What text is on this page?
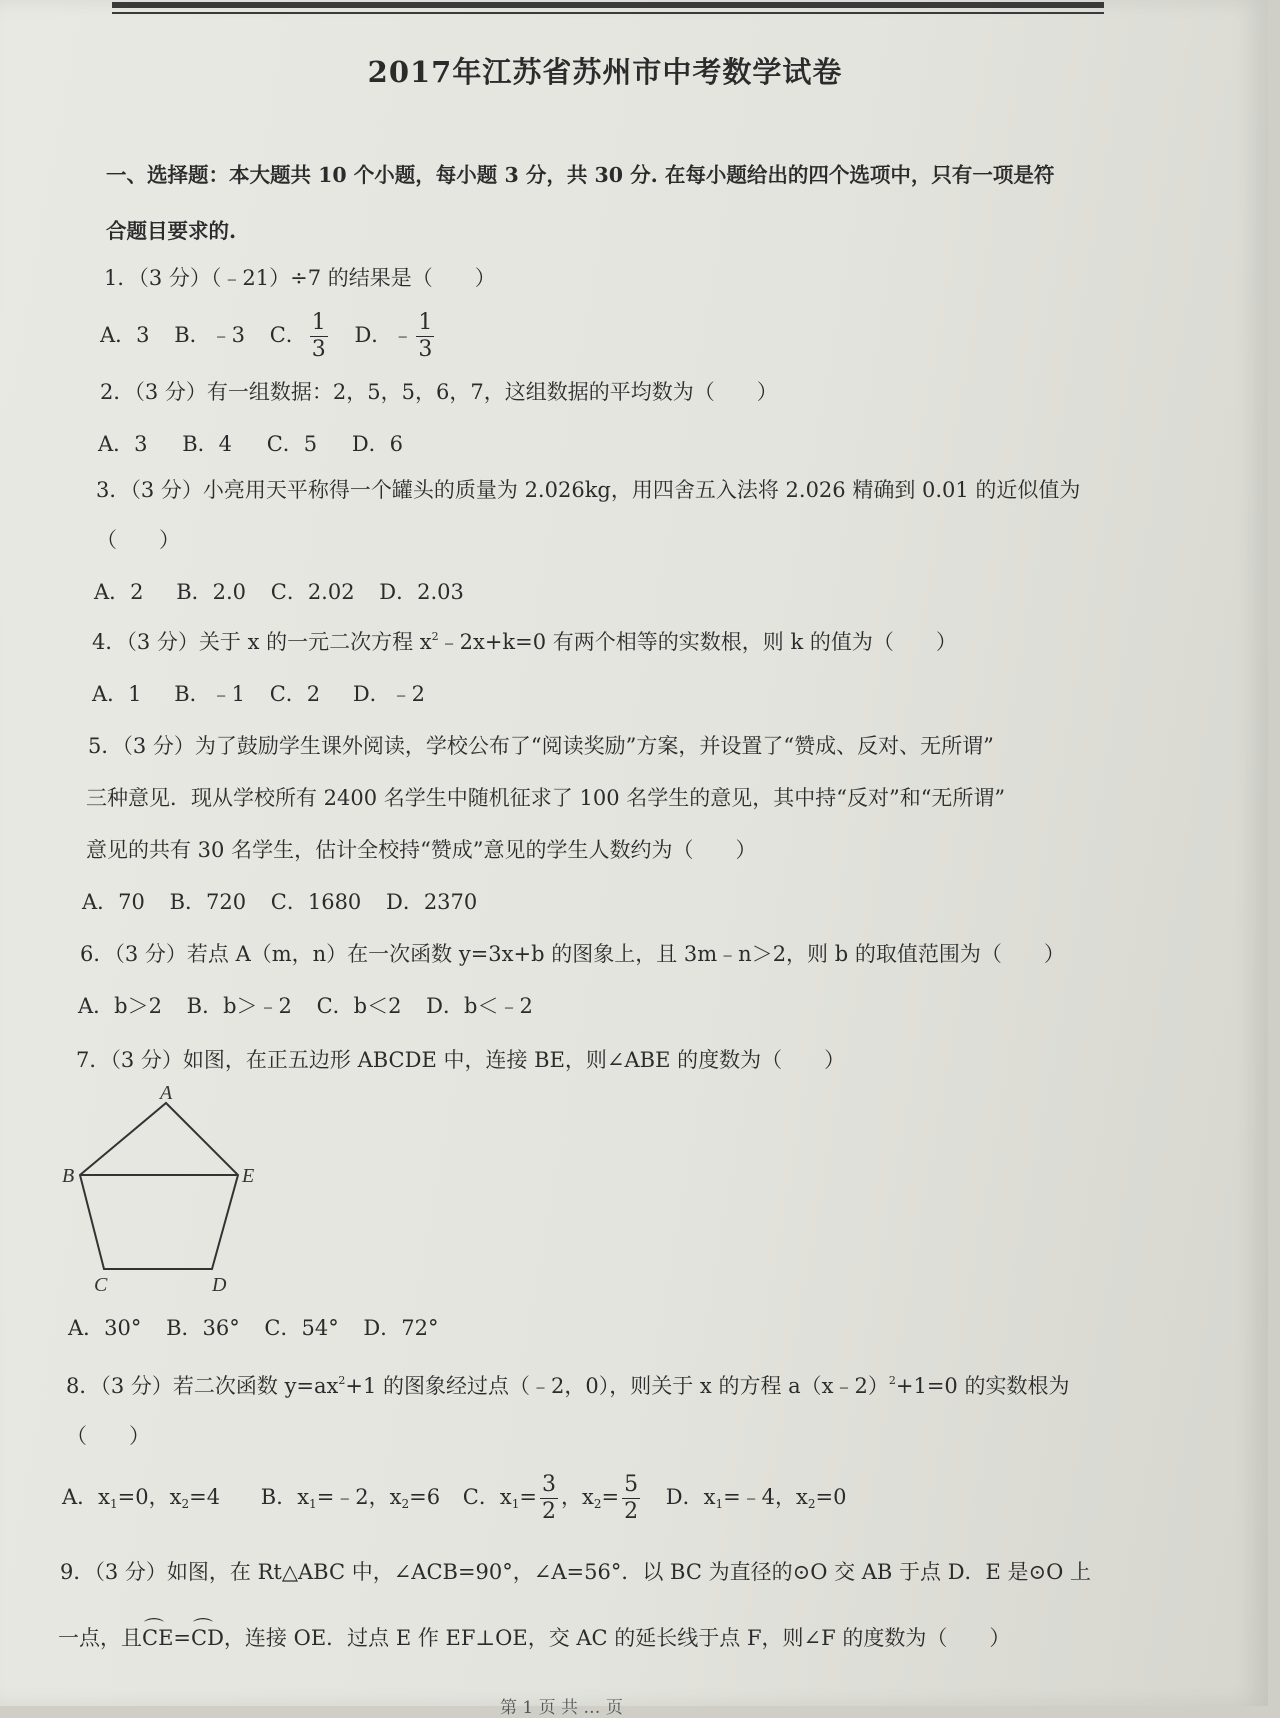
2017年江苏省苏州市中考数学试卷
一、选择题：本大题共 10 个小题，每小题 3 分，共 30 分. 在每小题给出的四个选项中，只有一项是符
合题目要求的.
1．（3 分）（﹣21）÷7 的结果是（　　）
A．3 B．﹣3 C． $\frac{1}{3}$ D．﹣ $\frac{1}{3}$
2．（3 分）有一组数据：2，5，5，6，7，这组数据的平均数为（　　）
A．3 B．4 C．5 D．6
3．（3 分）小亮用天平称得一个罐头的质量为 2.026kg，用四舍五入法将 2.026 精确到 0.01 的近似值为
（　　）
A．2 B．2.0 C．2.02 D．2.03
4．（3 分）关于 x 的一元二次方程 $x^2﹣2x+k=0$ 有两个相等的实数根，则 k 的值为（　　）
A．1 B．﹣1 C．2 D．﹣2
5．（3 分）为了鼓励学生课外阅读，学校公布了“阅读奖励”方案，并设置了“赞成、反对、无所谓”
三种意见．现从学校所有 2400 名学生中随机征求了 100 名学生的意见，其中持“反对”和“无所谓”
意见的共有 30 名学生，估计全校持“赞成”意见的学生人数约为（　　）
A．70 B．720 C．1680 D．2370
6．（3 分）若点 A（m，n）在一次函数 y=3x+b 的图象上，且 3m﹣n＞2，则 b 的取值范围为（　　）
A．b＞2 B．b＞﹣2 C．b＜2 D．b＜﹣2
7．（3 分）如图，在正五边形 ABCDE 中，连接 BE，则∠ABE 的度数为（　　）
A
B	E
C	D
A．30° B．36° C．54° D．72°
8．（3 分）若二次函数 $y=ax^2+1$ 的图象经过点（﹣2，0），则关于 x 的方程 a（x﹣2）$^2$+1=0 的实数根为
（　　）
A．$x_1=0$，$x_2=4$ B．$x_1=﹣2$，$x_2=6$ C．$x_1= \frac{3}{2}$ ，$x_2= \frac{5}{2}$ D．$x_1=﹣4$，$x_2=0$
9．（3 分）如图，在 Rt△ABC 中，∠ACB=90°，∠A=56°．以 BC 为直径的⊙O 交 AB 于点 D．E 是⊙O 上
一点，且⌒ CE=⌒ CD，连接 OE．过点 E 作 EF⊥OE，交 AC 的延长线于点 F，则∠F 的度数为（　　）
第 1 页 共 … 页
